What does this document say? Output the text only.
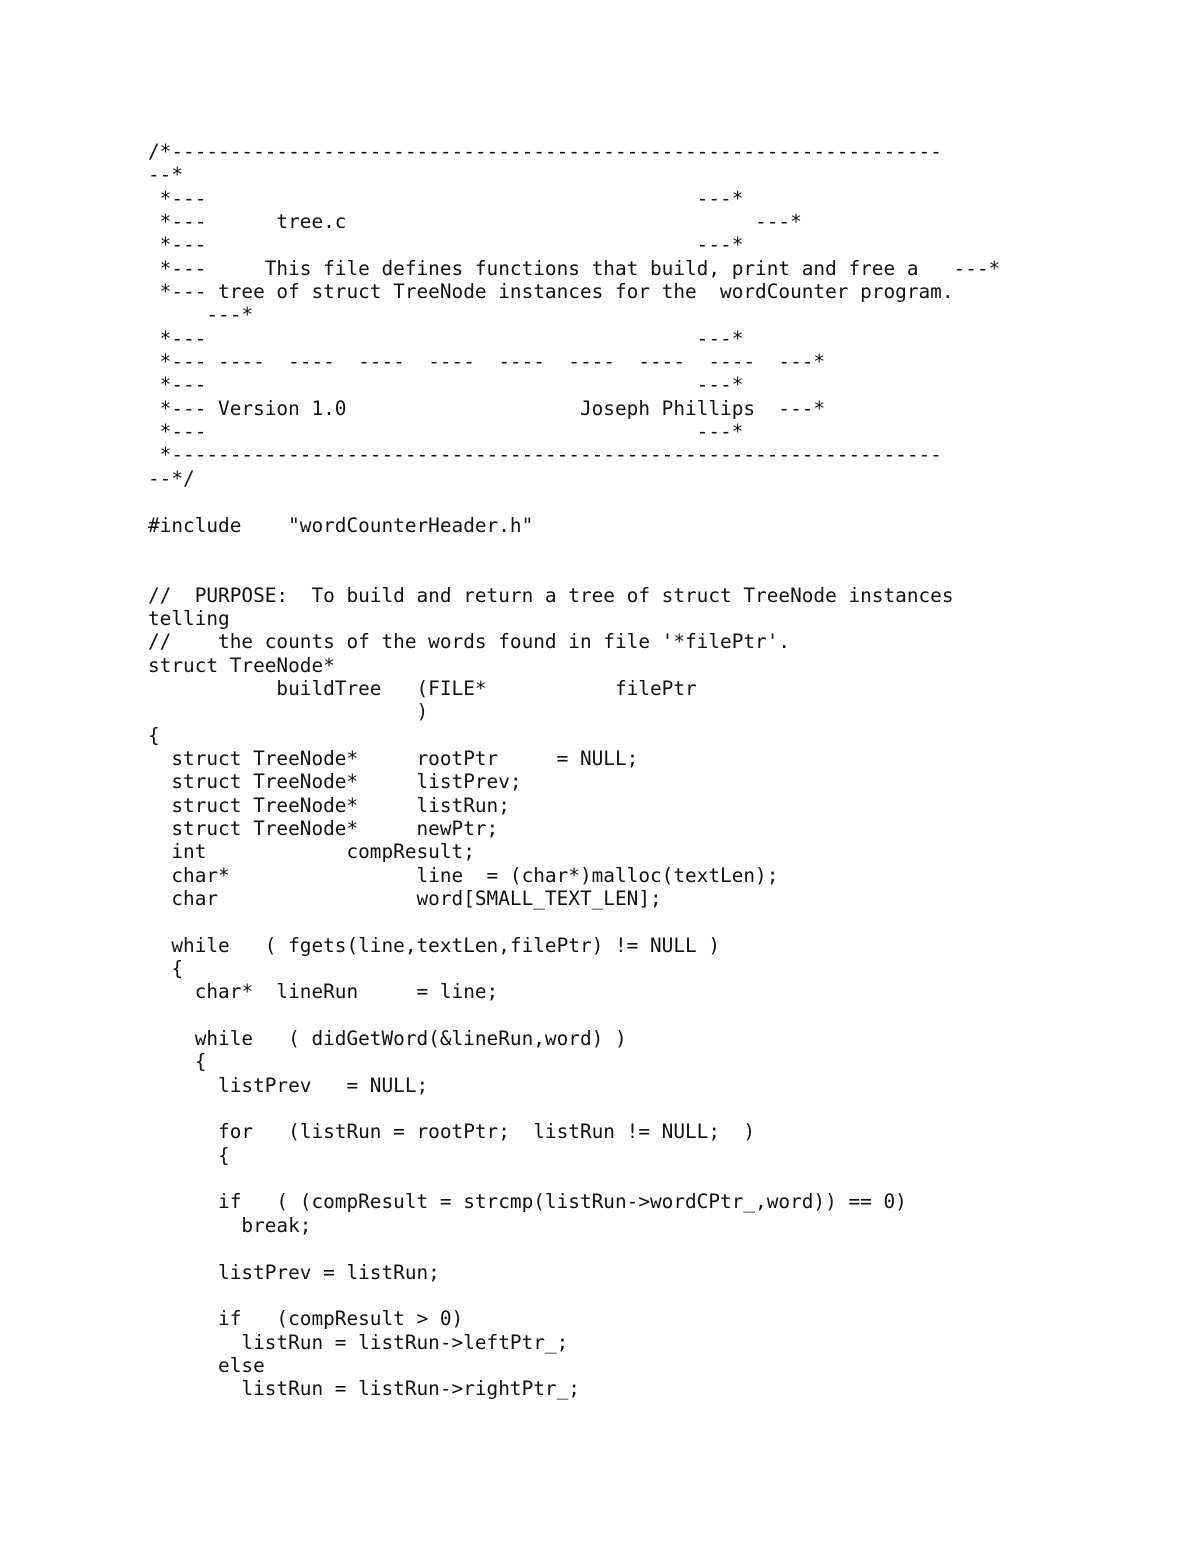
/*------------------------------------------------------------------
--*
*---                                          ---*
*---      tree.c                                   ---*
*---                                          ---*
*---     This file defines functions that build, print and free a   ---*
*--- tree of struct TreeNode instances for the  wordCounter program.
---*
*---                                          ---*
*--- ----  ----  ----  ----  ----  ----  ----  ----  ---*
*---                                          ---*
*--- Version 1.0                    Joseph Phillips  ---*
*---                                          ---*
*------------------------------------------------------------------
--*/

#include    "wordCounterHeader.h"

//  PURPOSE:  To build and return a tree of struct TreeNode instances
telling
//    the counts of the words found in file '*filePtr'.
struct TreeNode*
buildTree   (FILE*           filePtr
)
{
struct TreeNode*     rootPtr     = NULL;
struct TreeNode*     listPrev;
struct TreeNode*     listRun;
struct TreeNode*     newPtr;
int            compResult;
char*                line  = (char*)malloc(textLen);
char                 word[SMALL_TEXT_LEN];

while   ( fgets(line,textLen,filePtr) != NULL )
{
char*  lineRun     = line;

while   ( didGetWord(&lineRun,word) )
{
listPrev   = NULL;

for   (listRun = rootPtr;  listRun != NULL;  )
{

if   ( (compResult = strcmp(listRun->wordCPtr_,word)) == 0)
break;

listPrev = listRun;

if   (compResult > 0)
listRun = listRun->leftPtr_;
else
listRun = listRun->rightPtr_;
